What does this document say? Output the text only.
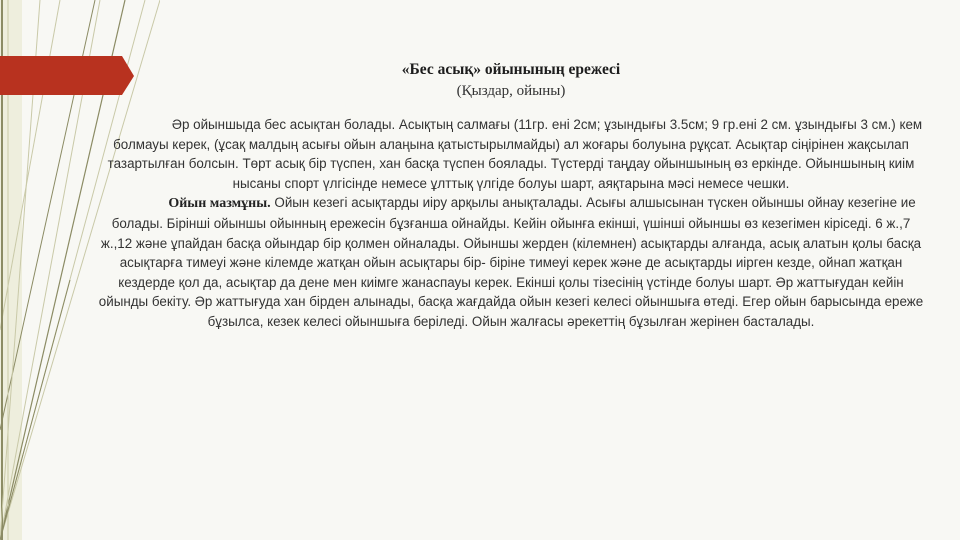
«Бес асық» ойынының ережесі
(Қыздар, ойыны)

Әр ойыншыда бес асықтан болады. Асықтың салмағы (11гр. ені 2см; ұзындығы 3.5см; 9 гр.ені 2 см. ұзындығы 3 см.) кем болмауы керек, (ұсақ малдың асығы ойын алаңына қатыстырылмайды) ал жоғары болуына рұқсат. Асықтар сіңірінен жақсылап тазартылған болсын. Төрт асық бір түспен, хан басқа түспен боялады. Түстерді таңдау ойыншының өз еркінде. Ойыншының киім нысаны спорт үлгісінде немесе ұлттық үлгіде болуы шарт, аяқтарына мәсі немесе чешки.

Ойын мазмұны. Ойын кезегі асықтарды иіру арқылы анықталады. Асығы алшысынан түскен ойыншы ойнау кезегіне ие болады. Бірінші ойыншы ойынның ережесін бұзғанша ойнайды. Кейін ойынға екінші, үшінші ойыншы өз кезегімен кіріседі. 6 ж.,7 ж.,12 және ұпайдан басқа ойындар бір қолмен ойналады. Ойыншы жерден (кілемнен) асықтарды алғанда, асық алатын қолы басқа асықтарға тимеуі және кілемде жатқан ойын асықтары бір- біріне тимеуі керек және де асықтарды иірген кезде, ойнап жатқан кездерде қол да, асықтар да дене мен киімге жанаспауы керек. Екінші қолы тізесінің үстінде болуы шарт. Әр жаттығудан кейін ойынды бекіту. Әр жаттығуда хан бірден алынады, басқа жағдайда ойын кезегі келесі ойыншыға өтеді. Егер ойын барысында ереже бұзылса, кезек келесі ойыншыға беріледі. Ойын жалғасы әрекеттің бұзылған жерінен басталады.
